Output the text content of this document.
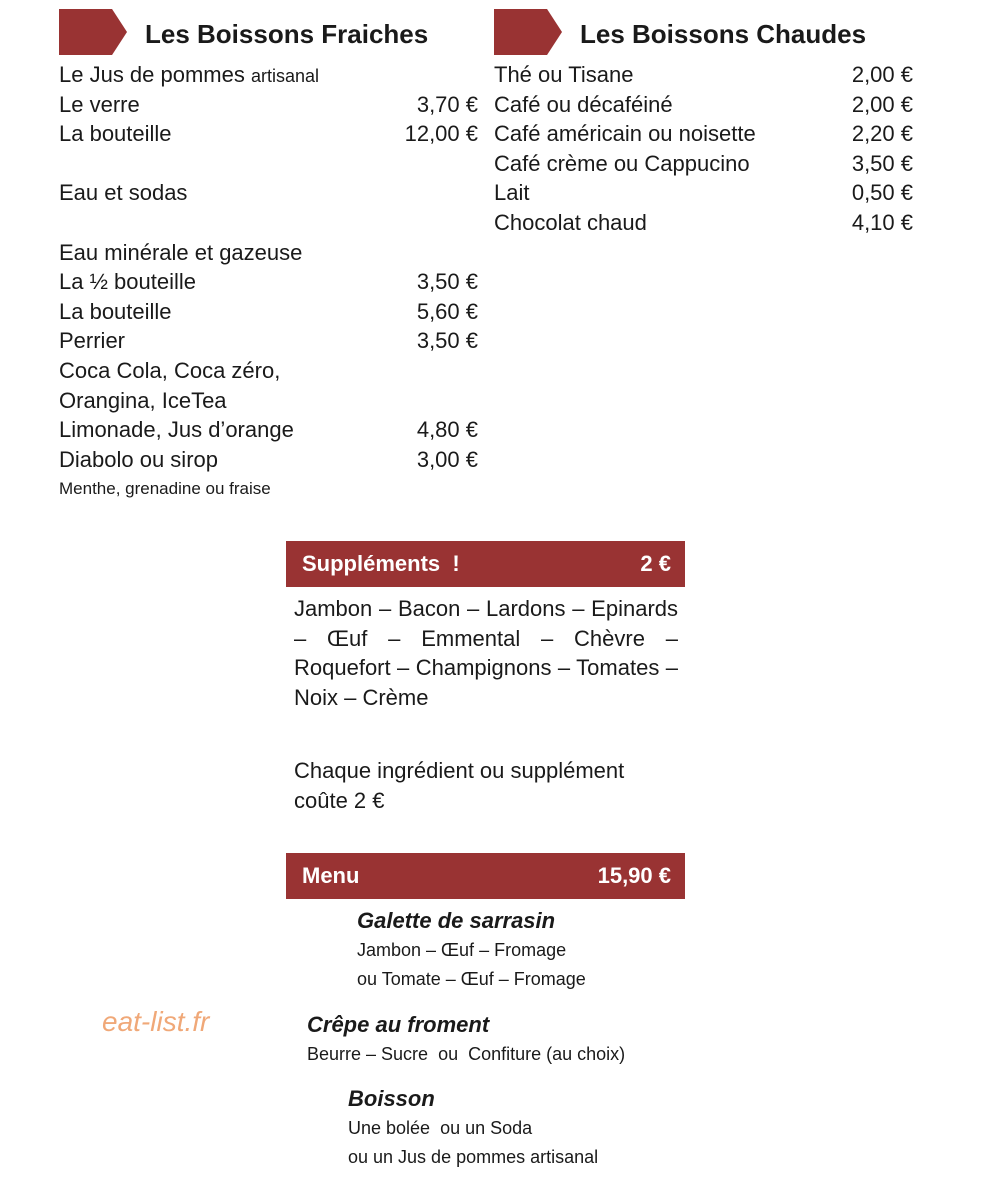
Les Boissons Fraiches	Les Boissons Chaudes
Le Jus de pommes artisanal
Le verre	3,70 €
La bouteille	12,00 €
Eau et sodas
Eau minérale et gazeuse
La ½ bouteille	3,50 €
La bouteille	5,60 €
Perrier	3,50 €
Coca Cola, Coca zéro,
Orangina, IceTea
Limonade, Jus d’orange	4,80 €
Diabolo ou sirop	3,00 €
Menthe, grenadine ou fraise
Thé ou Tisane	2,00 €
Café ou décaféiné	2,00 €
Café américain ou noisette	2,20 €
Café crème ou Cappucino	3,50 €
Lait	0,50 €
Chocolat chaud	4,10 €
Suppléments  !	2 €
Jambon – Bacon – Lardons – Epinards – Œuf – Emmental – Chèvre – Roquefort – Champignons – Tomates – Noix – Crème
Chaque ingrédient ou supplément coûte 2 €
Menu	15,90 €
Galette de sarrasin
Jambon – Œuf – Fromage
ou Tomate – Œuf – Fromage
Crêpe au froment
Beurre – Sucre  ou  Confiture (au choix)
Boisson
Une bolée  ou un Soda
ou un Jus de pommes artisanal
eat-list.fr
